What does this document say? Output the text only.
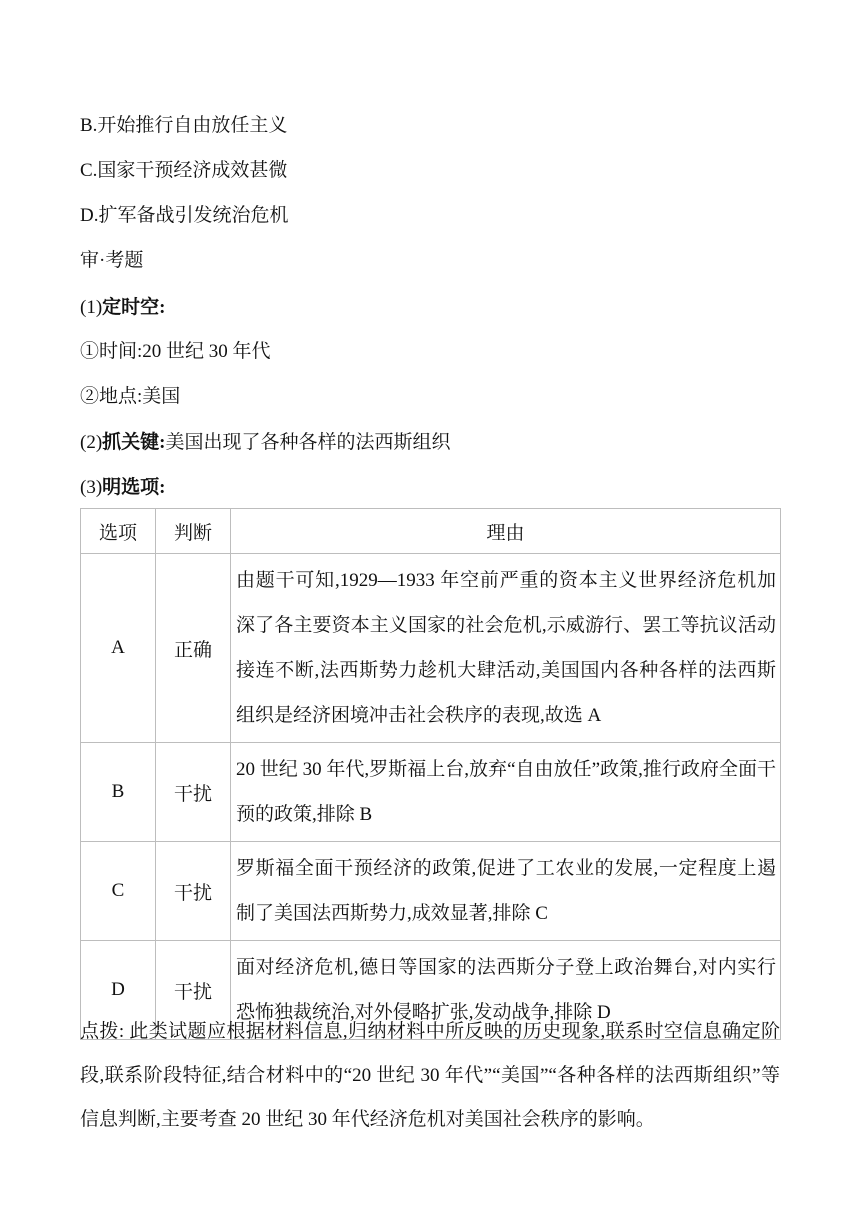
B.开始推行自由放任主义
C.国家干预经济成效甚微
D.扩军备战引发统治危机
审·考题
(1)定时空:
①时间:20 世纪 30 年代
②地点:美国
(2)抓关键:美国出现了各种各样的法西斯组织
(3)明选项:
选项	判断	理由
A	正确	由题干可知,1929—1933 年空前严重的资本主义世界经济危机加深了各主要资本主义国家的社会危机,示威游行、罢工等抗议活动接连不断,法西斯势力趁机大肆活动,美国国内各种各样的法西斯组织是经济困境冲击社会秩序的表现,故选 A
B	干扰	20 世纪 30 年代,罗斯福上台,放弃“自由放任”政策,推行政府全面干预的政策,排除 B
C	干扰	罗斯福全面干预经济的政策,促进了工农业的发展,一定程度上遏制了美国法西斯势力,成效显著,排除 C
D	干扰	面对经济危机,德日等国家的法西斯分子登上政治舞台,对内实行恐怖独裁统治,对外侵略扩张,发动战争,排除 D
点拨: 此类试题应根据材料信息,归纳材料中所反映的历史现象,联系时空信息确定阶段,联系阶段特征,结合材料中的“20 世纪 30 年代”“美国”“各种各样的法西斯组织”等信息判断,主要考查 20 世纪 30 年代经济危机对美国社会秩序的影响。
